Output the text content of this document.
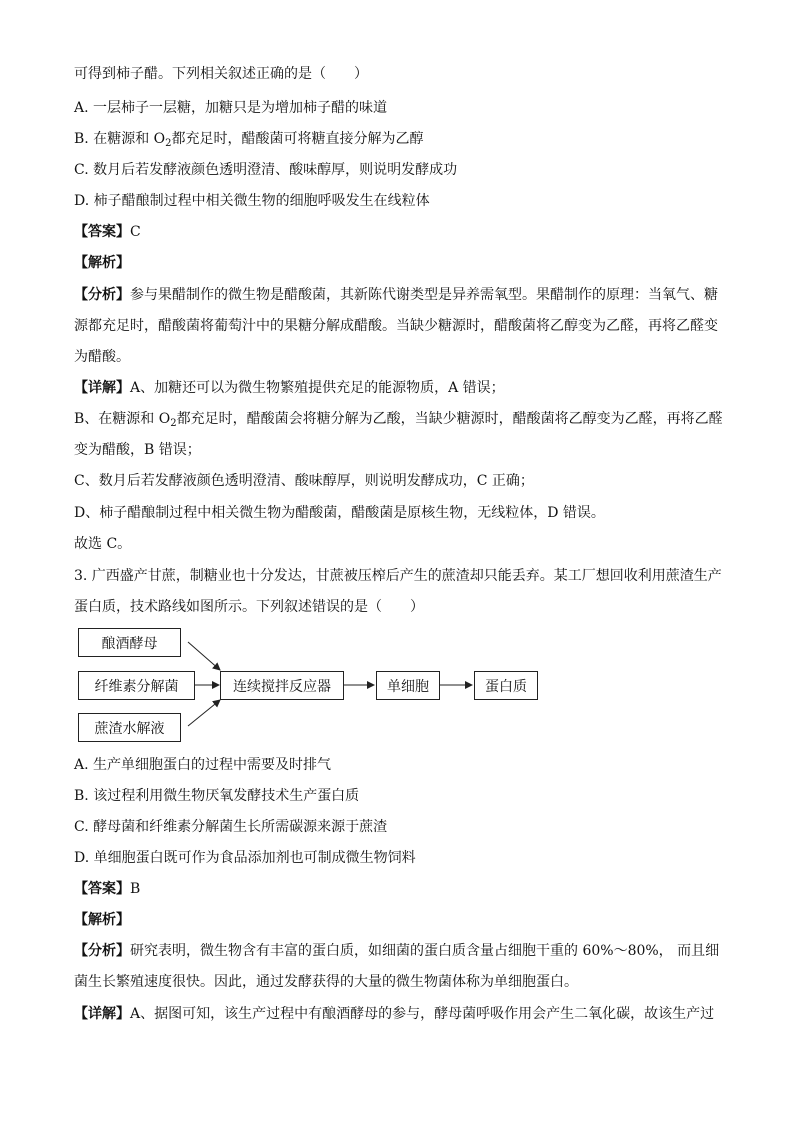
可得到柿子醋。下列相关叙述正确的是（　　）
A. 一层柿子一层糖，加糖只是为增加柿子醋的味道
B. 在糖源和 $O_2$都充足时，醋酸菌可将糖直接分解为乙醇
C. 数月后若发酵液颜色透明澄清、酸味醇厚，则说明发酵成功
D. 柿子醋酿制过程中相关微生物的细胞呼吸发生在线粒体
【答案】C
【解析】
【分析】参与果醋制作的微生物是醋酸菌，其新陈代谢类型是异养需氧型。果醋制作的原理：当氧气、糖
源都充足时，醋酸菌将葡萄汁中的果糖分解成醋酸。当缺少糖源时，醋酸菌将乙醇变为乙醛，再将乙醛变
为醋酸。
【详解】A、加糖还可以为微生物繁殖提供充足的能源物质，A 错误；
B、在糖源和 $O_2$都充足时，醋酸菌会将糖分解为乙酸，当缺少糖源时，醋酸菌将乙醇变为乙醛，再将乙醛
变为醋酸，B 错误；
C、数月后若发酵液颜色透明澄清、酸味醇厚，则说明发酵成功，C 正确；
D、柿子醋酿制过程中相关微生物为醋酸菌，醋酸菌是原核生物，无线粒体，D 错误。
故选 C。
3. 广西盛产甘蔗，制糖业也十分发达，甘蔗被压榨后产生的蔗渣却只能丢弃。某工厂想回收利用蔗渣生产
蛋白质，技术路线如图所示。下列叙述错误的是（　　）
酿酒酵母
纤维素分解菌
蔗渣水解液
连续搅拌反应器	单细胞	蛋白质
A. 生产单细胞蛋白的过程中需要及时排气
B. 该过程利用微生物厌氧发酵技术生产蛋白质
C. 酵母菌和纤维素分解菌生长所需碳源来源于蔗渣
D. 单细胞蛋白既可作为食品添加剂也可制成微生物饲料
【答案】B
【解析】
【分析】研究表明，微生物含有丰富的蛋白质，如细菌的蛋白质含量占细胞干重的 60%～80%， 而且细
菌生长繁殖速度很快。因此，通过发酵获得的大量的微生物菌体称为单细胞蛋白。
【详解】A、据图可知，该生产过程中有酿酒酵母的参与，酵母菌呼吸作用会产生二氧化碳，故该生产过
